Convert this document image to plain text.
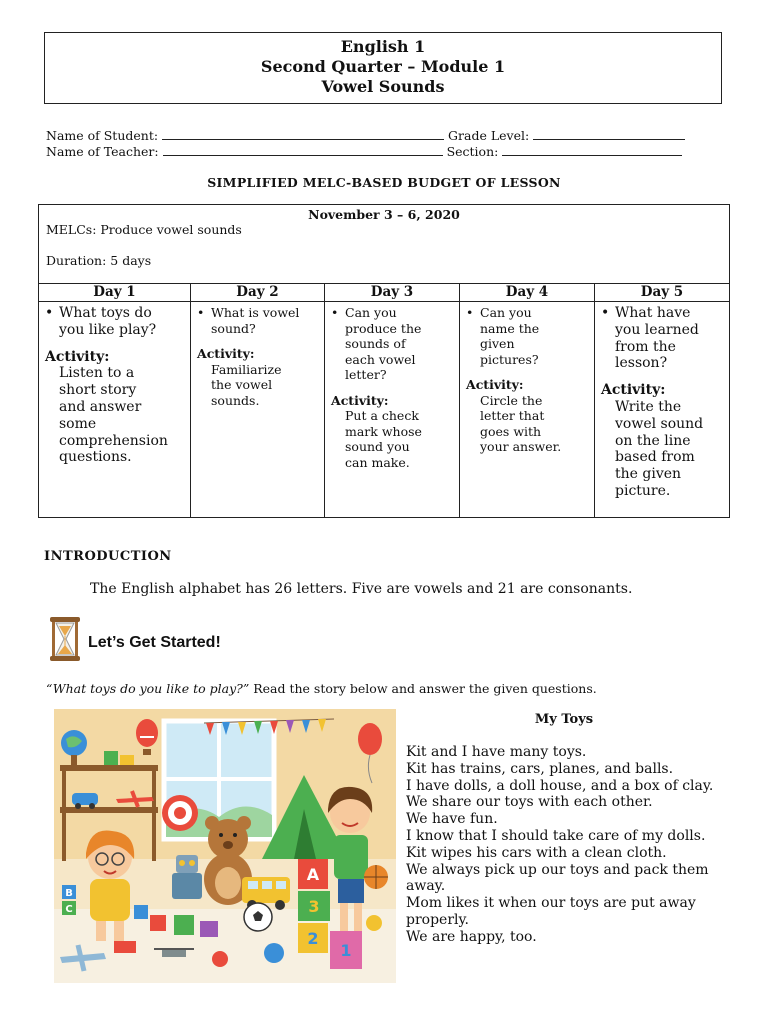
English 1
Second Quarter – Module 1
Vowel Sounds
Name of Student:	Grade Level:
Name of Teacher:	Section:
SIMPLIFIED MELC-BASED BUDGET OF LESSON
November 3 – 6, 2020
MELCs: Produce vowel sounds
Duration: 5 days
Day 1
• What toys do
you like play?
Activity:
Listen to a
short story
and answer
some
comprehension
questions.
Day 2
• What is vowel
sound?
Activity:
Familiarize
the vowel
sounds.
Day 3
• Can you
produce the
sounds of
each vowel
letter?
Activity:
Put a check
mark whose
sound you
can make.
Day 4
• Can you
name the
given
pictures?
Activity:
Circle the
letter that
goes with
your answer.
Day 5
• What have
you learned
from the
lesson?
Activity:
Write the
vowel sound
on the line
based from
the given
picture.
INTRODUCTION
The English alphabet has 26 letters. Five are vowels and 21 are consonants.
Let’s Get Started!
“What toys do you like to play?” Read the story below and answer the given questions.
A
3
2
1
B
C
My Toys
Kit and I have many toys.
Kit has trains, cars, planes, and balls.
I have dolls, a doll house, and a box of clay.
We share our toys with each other.
We have fun.
I know that I should take care of my dolls.
Kit wipes his cars with a clean cloth.
We always pick up our toys and pack them away.
Mom likes it when our toys are put away properly.
We are happy, too.
